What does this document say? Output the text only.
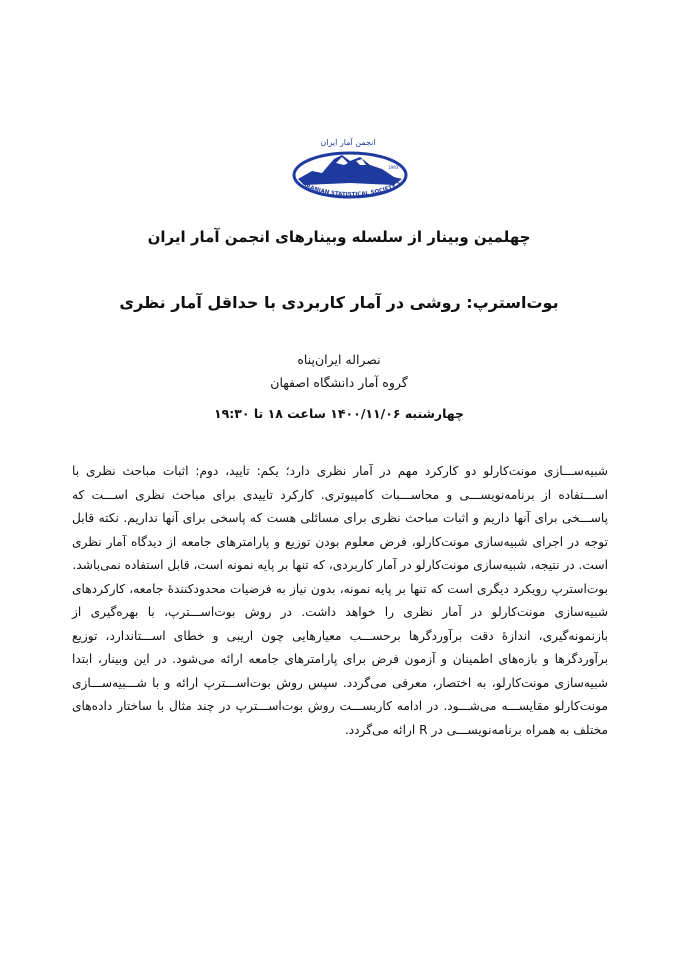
انجمن آمار ایران
1993
IRANIAN STATISTICAL SOCIETY 1
چهلمین وبینار از سلسله وبینارهای انجمن آمار ایران
بوت‌استرپ: روشی در آمار کاربردی با حداقل آمار نظری
نصراله ایران‌پناه
گروه آمار دانشگاه اصفهان
چهارشنبه ۱۴۰۰/۱۱/۰۶ ساعت ۱۸ تا ۱۹:۳۰

شبیه‌ســـازی مونت‌کارلو دو کارکرد مهم در آمار نظری دارد؛ یکم: تایید، دوم: اثبات مباحث نظری با اســـتفاده از برنامه‌نویســـی و محاســـبات کامپیوتری. کارکرد تاییدی برای مباحث نظری اســـت که پاســـخی برای آنها داریم و اثبات مباحث نظری برای مسائلی هست که پاسخی برای آنها نداریم. نکته قابل توجه در اجرای شبیه‌سازی مونت‌کارلو، فرض معلوم بودن توزیع و پارامترهای جامعه از دیدگاه آمار نظری است. در نتیجه، شبیه‌سازی مونت‌کارلو در آمار کاربردی، که تنها بر پایه نمونه است، قابل استفاده نمی‌باشد.

بوت‌استرپ رویکرد دیگری است که تنها بر پایه نمونه، بدون نیاز به فرضیات محدودکنندهٔ جامعه، کارکردهای شبیه‌سازی مونت‌کارلو در آمار نظری را خواهد داشت. در روش بوت‌اســـترپ، با بهره‌گیری از بازنمونه‌گیری، اندازهٔ دقت برآوردگرها برحســـب معیارهایی چون اریبی و خطای اســـتاندارد، توزیع برآوردگرها و بازه‌های اطمینان و آزمون فرض برای پارامترهای جامعه ارائه می‌شود. در این وبینار، ابتدا شبیه‌سازی مونت‌کارلو، به اختصار، معرفی می‌گردد. سپس روش بوت‌اســـترپ ارائه و با شـــبیه‌ســـازی مونت‌کارلو مقایســـه می‌شـــود. در ادامه کاربســـت روش بوت‌اســـترپ در چند مثال با ساختار داده‌های مختلف به همراه برنامه‌نویســـی در R ارائه می‌گردد.
